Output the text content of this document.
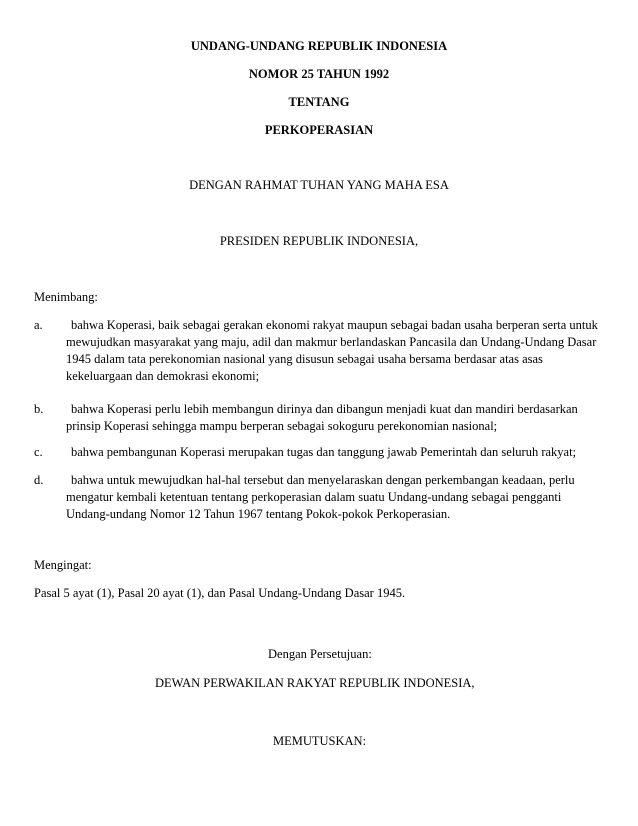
UNDANG-UNDANG REPUBLIK INDONESIA
NOMOR 25 TAHUN 1992
TENTANG
PERKOPERASIAN
DENGAN RAHMAT TUHAN YANG MAHA ESA
PRESIDEN REPUBLIK INDONESIA,
Menimbang:
a.	bahwa Koperasi, baik sebagai gerakan ekonomi rakyat maupun sebagai badan usaha berperan serta untuk
mewujudkan masyarakat yang maju, adil dan makmur berlandaskan Pancasila dan Undang-Undang Dasar
1945 dalam tata perekonomian nasional yang disusun sebagai usaha bersama berdasar atas asas
kekeluargaan dan demokrasi ekonomi;
b.	bahwa Koperasi perlu lebih membangun dirinya dan dibangun menjadi kuat dan mandiri berdasarkan
prinsip Koperasi sehingga mampu berperan sebagai sokoguru perekonomian nasional;
c.	bahwa pembangunan Koperasi merupakan tugas dan tanggung jawab Pemerintah dan seluruh rakyat;
d.	bahwa untuk mewujudkan hal-hal tersebut dan menyelaraskan dengan perkembangan keadaan, perlu
mengatur kembali ketentuan tentang perkoperasian dalam suatu Undang-undang sebagai pengganti
Undang-undang Nomor 12 Tahun 1967 tentang Pokok-pokok Perkoperasian.
Mengingat:
Pasal 5 ayat (1), Pasal 20 ayat (1), dan Pasal Undang-Undang Dasar 1945.
Dengan Persetujuan:
DEWAN PERWAKILAN RAKYAT REPUBLIK INDONESIA,
MEMUTUSKAN:
